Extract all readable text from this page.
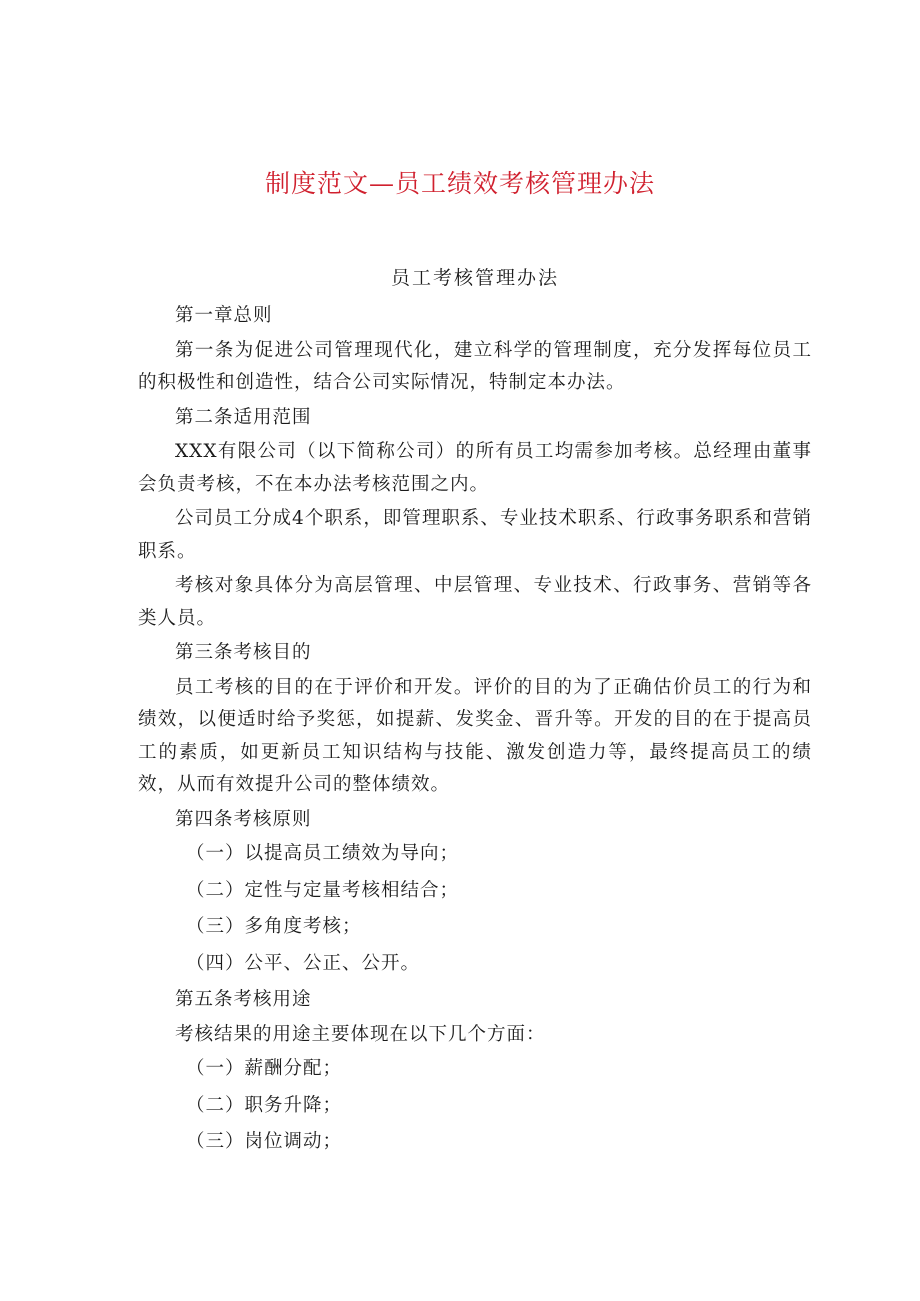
制度范文—员工绩效考核管理办法
员工考核管理办法

第一章总则

第一条为促进公司管理现代化，建立科学的管理制度，充分发挥每位员工的积极性和创造性，结合公司实际情况，特制定本办法。

第二条适用范围

XXX有限公司（以下简称公司）的所有员工均需参加考核。总经理由董事会负责考核，不在本办法考核范围之内。

公司员工分成4个职系，即管理职系、专业技术职系、行政事务职系和营销职系。

考核对象具体分为高层管理、中层管理、专业技术、行政事务、营销等各类人员。

第三条考核目的

员工考核的目的在于评价和开发。评价的目的为了正确估价员工的行为和绩效，以便适时给予奖惩，如提薪、发奖金、晋升等。开发的目的在于提高员工的素质，如更新员工知识结构与技能、激发创造力等，最终提高员工的绩效，从而有效提升公司的整体绩效。

第四条考核原则

（一）以提高员工绩效为导向；

（二）定性与定量考核相结合；

（三）多角度考核；

（四）公平、公正、公开。

第五条考核用途

考核结果的用途主要体现在以下几个方面：

（一）薪酬分配；

（二）职务升降；

（三）岗位调动；
